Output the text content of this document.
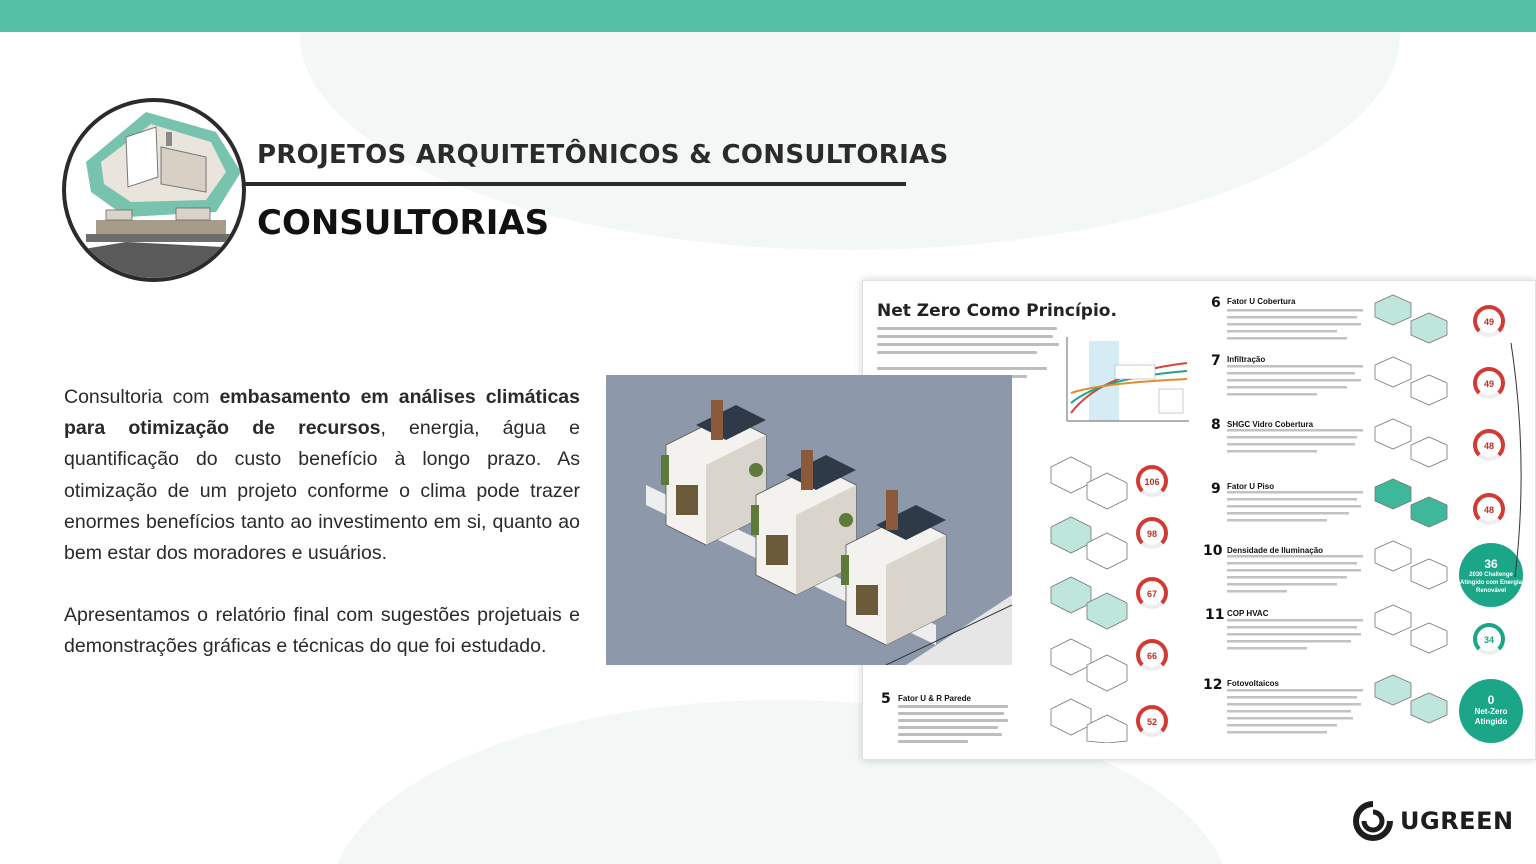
PROJETOS ARQUITETÔNICOS & CONSULTORIAS
CONSULTORIAS

Consultoria com embasamento em análises climáticas para otimização de recursos, energia, água e quantificação do custo benefício à longo prazo. As otimização de um projeto conforme o clima pode trazer enormes benefícios tanto ao investimento em si, quanto ao bem estar dos moradores e usuários.

Apresentamos o relatório final com sugestões projetuais e demonstrações gráficas e técnicas do que foi estudado.

Net Zero Como Princípio.
5 Fator U & R Parede
106
98
67
66
52
6 Fator U Cobertura
7 Infiltração
8 SHGC Vidro Cobertura
9 Fator U Piso
10 Densidade de Iluminação
11 COP HVAC
12 Fotovoltaicos
49
49
48
48
34
36
2030 Challenge Atingido com Energia Renovável
0
Net-Zero Atingido
UGREEN
